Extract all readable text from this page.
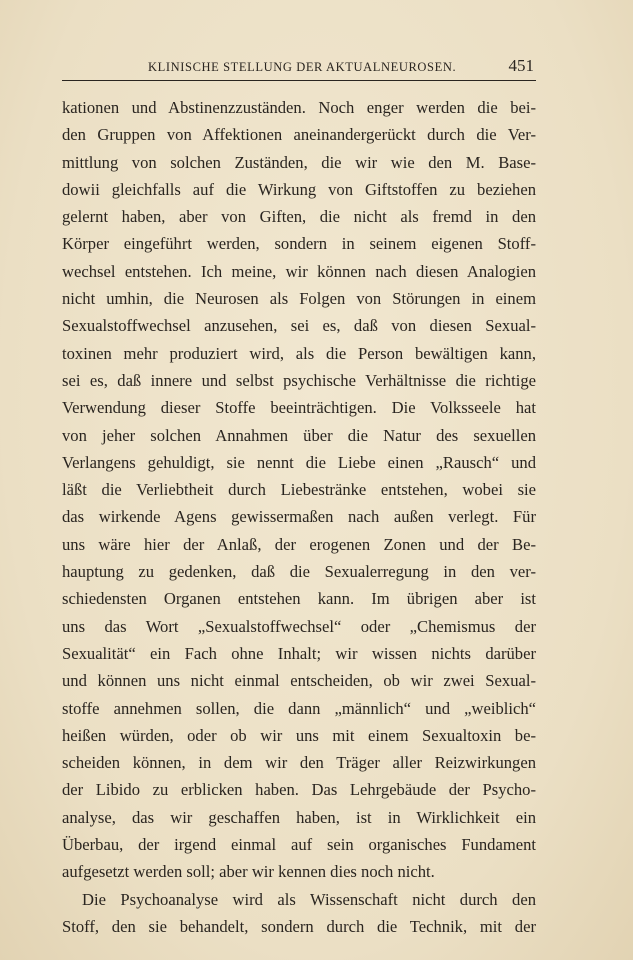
KLINISCHE STELLUNG DER AKTUALNEUROSEN.	451
kationen und Abstinenzzuständen. Noch enger werden die bei-
den Gruppen von Affektionen aneinandergerückt durch die Ver-
mittlung von solchen Zuständen, die wir wie den M. Base-
dowii gleichfalls auf die Wirkung von Giftstoffen zu beziehen
gelernt haben, aber von Giften, die nicht als fremd in den
Körper eingeführt werden, sondern in seinem eigenen Stoff-
wechsel entstehen. Ich meine, wir können nach diesen Analogien
nicht umhin, die Neurosen als Folgen von Störungen in einem
Sexualstoffwechsel anzusehen, sei es, daß von diesen Sexual-
toxinen mehr produziert wird, als die Person bewältigen kann,
sei es, daß innere und selbst psychische Verhältnisse die richtige
Verwendung dieser Stoffe beeinträchtigen. Die Volksseele hat
von jeher solchen Annahmen über die Natur des sexuellen
Verlangens gehuldigt, sie nennt die Liebe einen „Rausch“ und
läßt die Verliebtheit durch Liebestränke entstehen, wobei sie
das wirkende Agens gewissermaßen nach außen verlegt. Für
uns wäre hier der Anlaß, der erogenen Zonen und der Be-
hauptung zu gedenken, daß die Sexualerregung in den ver-
schiedensten Organen entstehen kann. Im übrigen aber ist
uns das Wort „Sexualstoffwechsel“ oder „Chemismus der
Sexualität“ ein Fach ohne Inhalt; wir wissen nichts darüber
und können uns nicht einmal entscheiden, ob wir zwei Sexual-
stoffe annehmen sollen, die dann „männlich“ und „weiblich“
heißen würden, oder ob wir uns mit einem Sexualtoxin be-
scheiden können, in dem wir den Träger aller Reizwirkungen
der Libido zu erblicken haben. Das Lehrgebäude der Psycho-
analyse, das wir geschaffen haben, ist in Wirklichkeit ein
Überbau, der irgend einmal auf sein organisches Fundament
aufgesetzt werden soll; aber wir kennen dies noch nicht.
Die Psychoanalyse wird als Wissenschaft nicht durch den
Stoff, den sie behandelt, sondern durch die Technik, mit der
